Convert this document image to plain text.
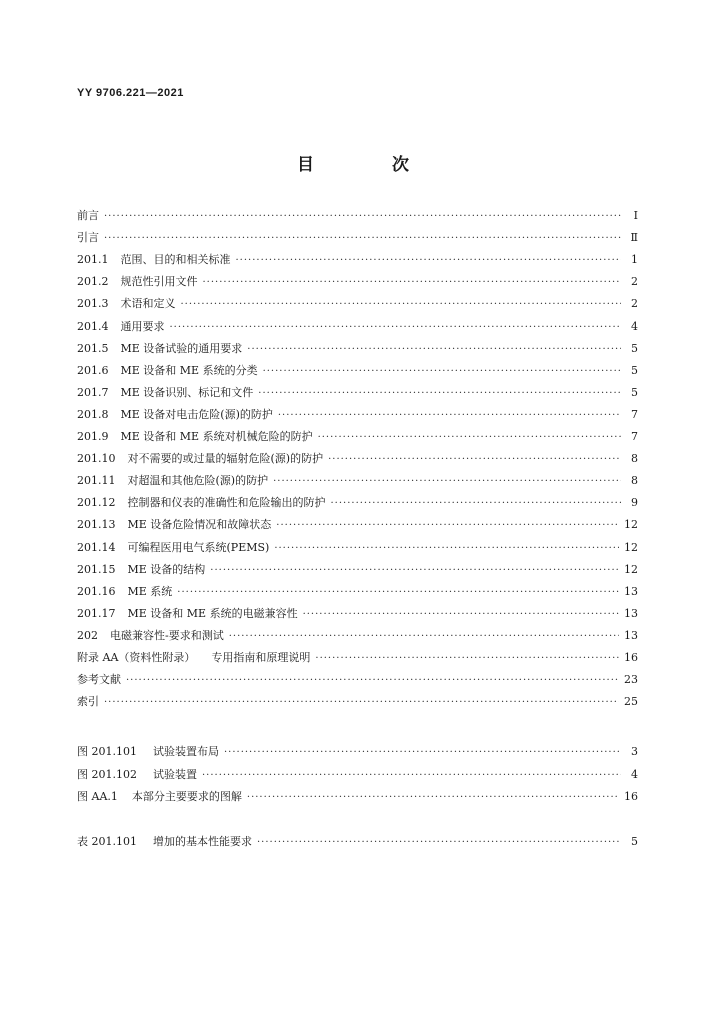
YY 9706.221—2021
目 次
前言 ·····	Ⅰ
引言 ·····	Ⅱ
201.1 范围、目的和相关标准 ·····	1
201.2 规范性引用文件 ·····	2
201.3 术语和定义 ·····	2
201.4 通用要求 ·····	4
201.5 ME 设备试验的通用要求 ·····	5
201.6 ME 设备和 ME 系统的分类 ·····	5
201.7 ME 设备识别、标记和文件 ·····	5
201.8 ME 设备对电击危险(源)的防护 ·····	7
201.9 ME 设备和 ME 系统对机械危险的防护 ·····	7
201.10 对不需要的或过量的辐射危险(源)的防护 ·····	8
201.11 对超温和其他危险(源)的防护 ·····	8
201.12 控制器和仪表的准确性和危险输出的防护 ·····	9
201.13 ME 设备危险情况和故障状态 ·····	12
201.14 可编程医用电气系统(PEMS) ·····	12
201.15 ME 设备的结构 ·····	12
201.16 ME 系统 ·····	13
201.17 ME 设备和 ME 系统的电磁兼容性 ·····	13
202 电磁兼容性-要求和测试 ·····	13
附录 AA（资料性附录） 专用指南和原理说明 ·····	16
参考文献 ·····	23
索引 ·····	25
图 201.101 试验装置布局 ·····	3
图 201.102 试验装置 ·····	4
图 AA.1 本部分主要要求的图解 ·····	16
表 201.101 增加的基本性能要求 ·····	5
